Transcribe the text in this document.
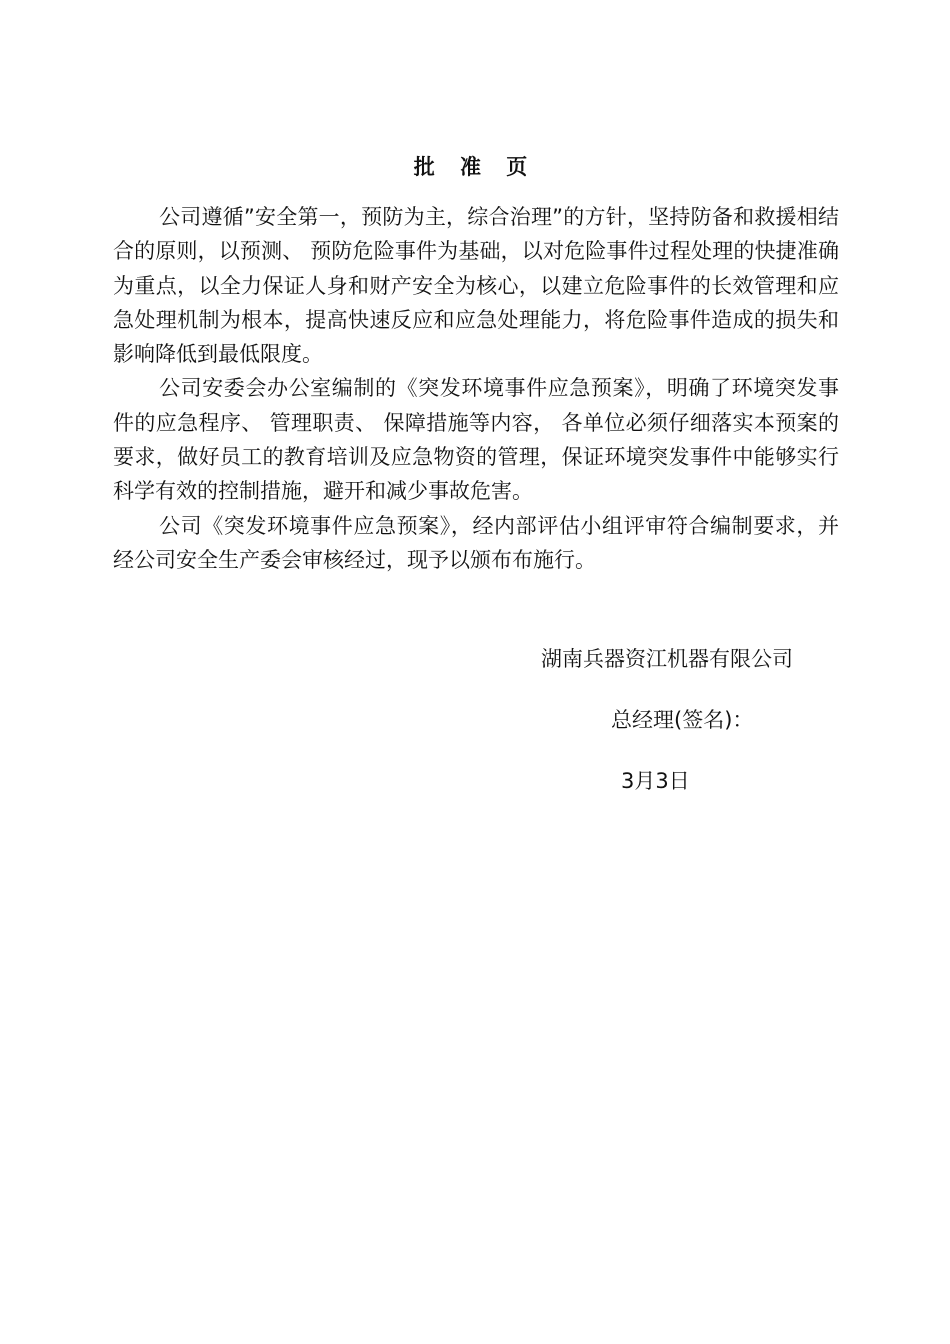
批 准 页

公司遵循”安全第一，预防为主，综合治理”的方针，坚持防备和救援相结合的原则，以预测、 预防危险事件为基础，以对危险事件过程处理的快捷准确为重点，以全力保证人身和财产安全为核心，以建立危险事件的长效管理和应急处理机制为根本，提高快速反应和应急处理能力，将危险事件造成的损失和影响降低到最低限度。

公司安委会办公室编制的《突发环境事件应急预案》，明确了环境突发事件的应急程序、 管理职责、 保障措施等内容， 各单位必须仔细落实本预案的要求，做好员工的教育培训及应急物资的管理，保证环境突发事件中能够实行科学有效的控制措施，避开和减少事故危害。

公司《突发环境事件应急预案》，经内部评估小组评审符合编制要求，并经公司安全生产委会审核经过，现予以颁布布施行。

湖南兵器资江机器有限公司
总经理(签名)：
3月3日
